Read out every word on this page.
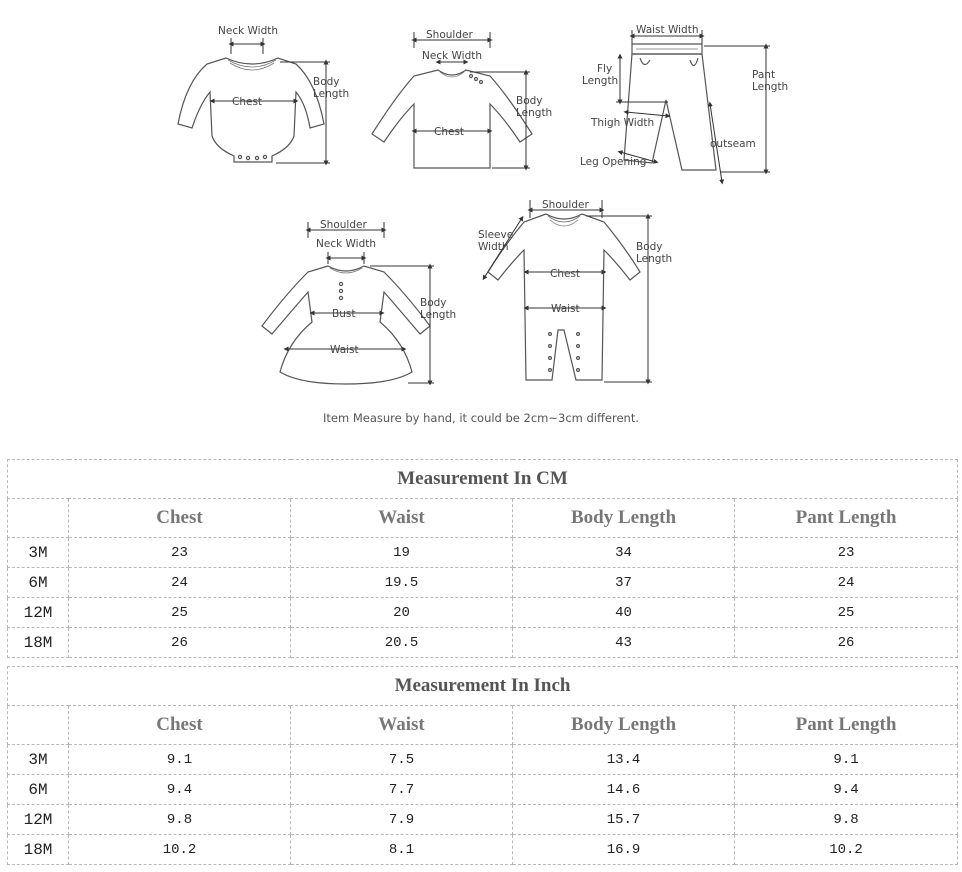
Neck Width
Chest
Body
Length
Shoulder
Neck Width
Chest
Body
Length
Waist Width
Fly
Length	Pant
Length
Thigh Width
outseam
Leg Opening
Shoulder
Neck Width
Bust
Waist
Body
Length
Shoulder
Sleeve
Width
Chest
Waist
Body
Length
Item Measure by hand, it could be 2cm~3cm different.
Measurement In CM				
	Chest	Waist	Body Length	Pant Length
3M	23	19	34	23
6M	24	19.5	37	24
12M	25	20	40	25
18M	26	20.5	43	26
Measurement In Inch				
	Chest	Waist	Body Length	Pant Length
3M	9.1	7.5	13.4	9.1
6M	9.4	7.7	14.6	9.4
12M	9.8	7.9	15.7	9.8
18M	10.2	8.1	16.9	10.2
